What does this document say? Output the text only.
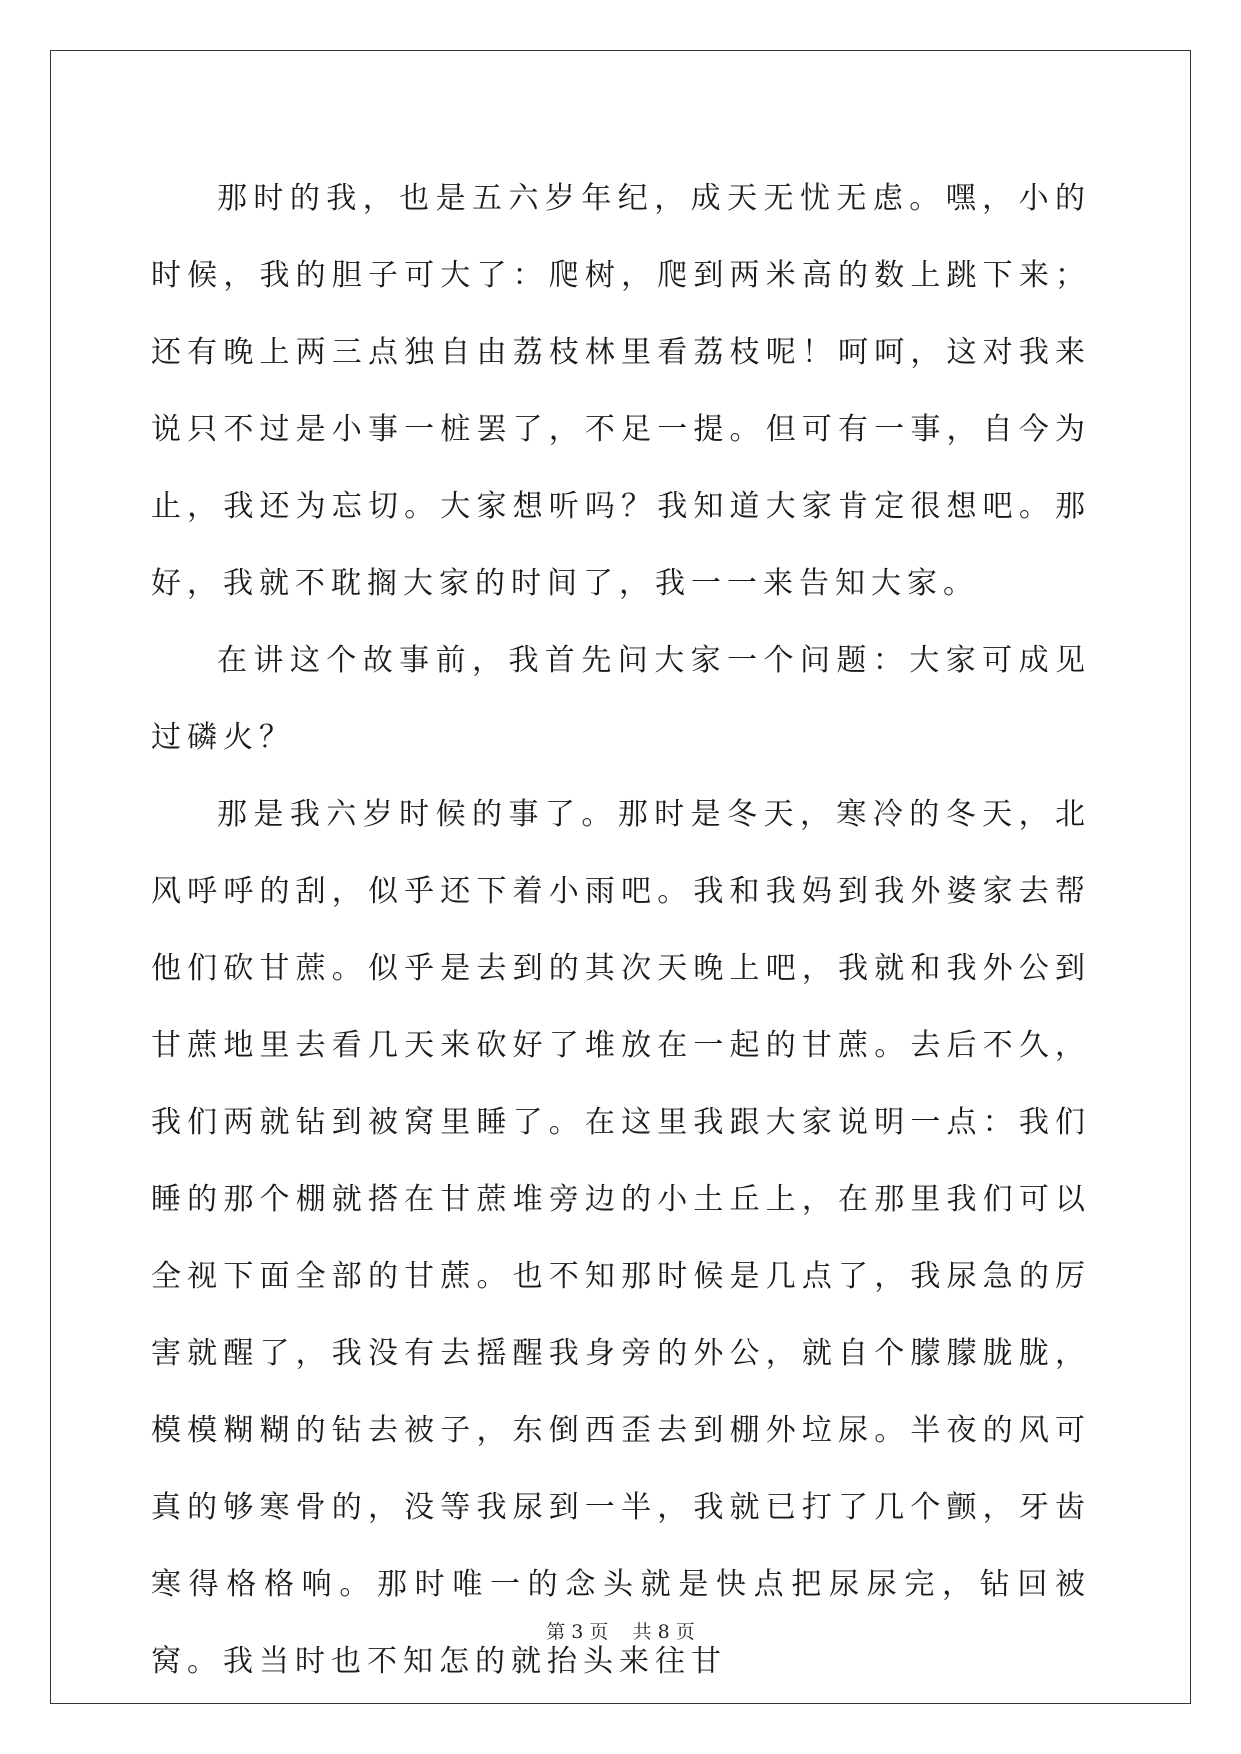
那时的我，也是五六岁年纪，成天无忧无虑。嘿，小的时候，我的胆子可大了：爬树，爬到两米高的数上跳下来；还有晚上两三点独自由荔枝林里看荔枝呢！呵呵，这对我来说只不过是小事一桩罢了，不足一提。但可有一事，自今为止，我还为忘切。大家想听吗？我知道大家肯定很想吧。那好，我就不耽搁大家的时间了，我一一来告知大家。

在讲这个故事前，我首先问大家一个问题：大家可成见过磷火？

那是我六岁时候的事了。那时是冬天，寒冷的冬天，北风呼呼的刮，似乎还下着小雨吧。我和我妈到我外婆家去帮他们砍甘蔗。似乎是去到的其次天晚上吧，我就和我外公到甘蔗地里去看几天来砍好了堆放在一起的甘蔗。去后不久，我们两就钻到被窝里睡了。在这里我跟大家说明一点：我们睡的那个棚就搭在甘蔗堆旁边的小土丘上，在那里我们可以全视下面全部的甘蔗。也不知那时候是几点了，我尿急的厉害就醒了，我没有去摇醒我身旁的外公，就自个朦朦胧胧，模模糊糊的钻去被子，东倒西歪去到棚外垃尿。半夜的风可真的够寒骨的，没等我尿到一半，我就已打了几个颤，牙齿寒得格格响。那时唯一的念头就是快点把尿尿完，钻回被窝。我当时也不知怎的就抬头来往甘

第 3 页 共 8 页
